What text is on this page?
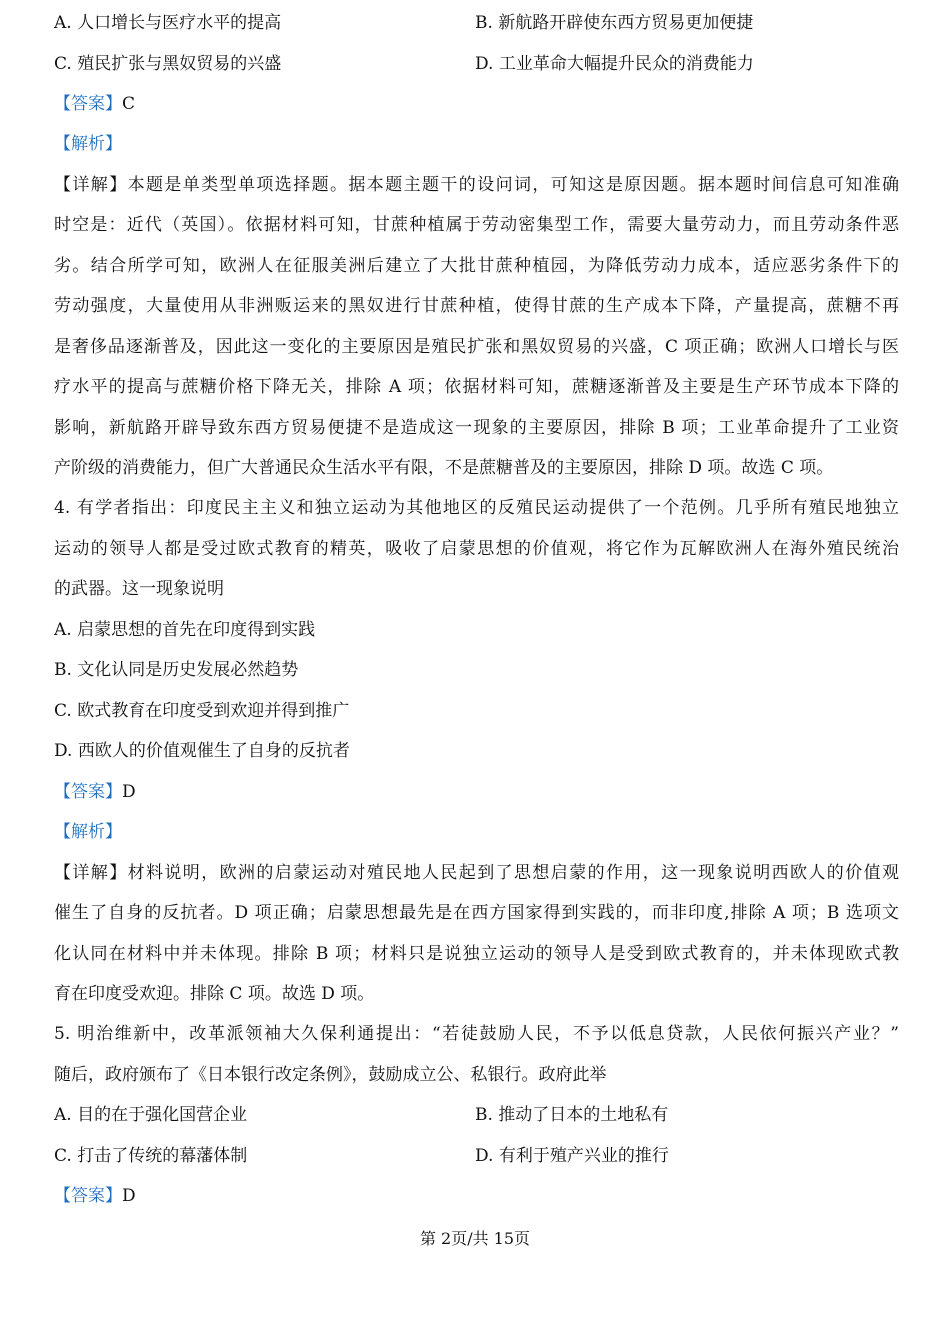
A. 人口增长与医疗水平的提高	B. 新航路开辟使东西方贸易更加便捷
C. 殖民扩张与黑奴贸易的兴盛	D. 工业革命大幅提升民众的消费能力
【答案】C
【解析】
【详解】本题是单类型单项选择题。据本题主题干的设问词，可知这是原因题。据本题时间信息可知准确
时空是：近代（英国）。依据材料可知，甘蔗种植属于劳动密集型工作，需要大量劳动力，而且劳动条件恶
劣。结合所学可知，欧洲人在征服美洲后建立了大批甘蔗种植园，为降低劳动力成本，适应恶劣条件下的
劳动强度，大量使用从非洲贩运来的黑奴进行甘蔗种植，使得甘蔗的生产成本下降，产量提高，蔗糖不再
是奢侈品逐渐普及，因此这一变化的主要原因是殖民扩张和黑奴贸易的兴盛，C 项正确；欧洲人口增长与医
疗水平的提高与蔗糖价格下降无关，排除 A 项；依据材料可知，蔗糖逐渐普及主要是生产环节成本下降的
影响，新航路开辟导致东西方贸易便捷不是造成这一现象的主要原因，排除 B 项；工业革命提升了工业资
产阶级的消费能力，但广大普通民众生活水平有限，不是蔗糖普及的主要原因，排除 D 项。故选 C 项。
4. 有学者指出：印度民主主义和独立运动为其他地区的反殖民运动提供了一个范例。几乎所有殖民地独立
运动的领导人都是受过欧式教育的精英，吸收了启蒙思想的价值观，将它作为瓦解欧洲人在海外殖民统治
的武器。这一现象说明
A. 启蒙思想的首先在印度得到实践
B. 文化认同是历史发展必然趋势
C. 欧式教育在印度受到欢迎并得到推广
D. 西欧人的价值观催生了自身的反抗者
【答案】D
【解析】
【详解】材料说明，欧洲的启蒙运动对殖民地人民起到了思想启蒙的作用，这一现象说明西欧人的价值观
催生了自身的反抗者。D 项正确；启蒙思想最先是在西方国家得到实践的，而非印度,排除 A 项；B 选项文
化认同在材料中并未体现。排除 B 项；材料只是说独立运动的领导人是受到欧式教育的，并未体现欧式教
育在印度受欢迎。排除 C 项。故选 D 项。
5. 明治维新中，改革派领袖大久保利通提出：“若徒鼓励人民，不予以低息贷款，人民依何振兴产业？”
随后，政府颁布了《日本银行改定条例》，鼓励成立公、私银行。政府此举
A. 目的在于强化国营企业	B. 推动了日本的土地私有
C. 打击了传统的幕藩体制	D. 有利于殖产兴业的推行
【答案】D
第 2页/共 15页
